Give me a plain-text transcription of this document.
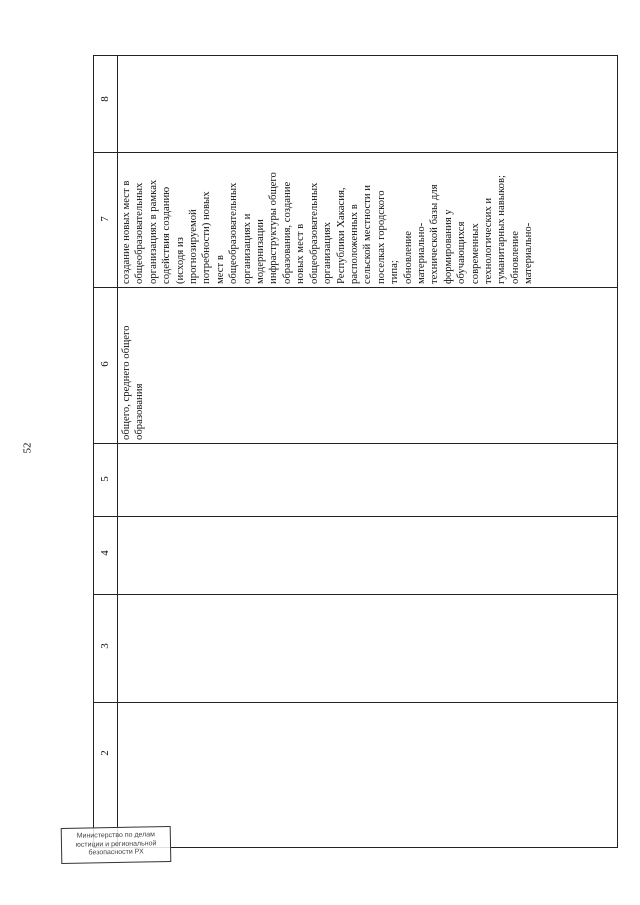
52
8
7
6
5
4
3
2
создание новых мест в общеобразовательных организациях в рамках содействия созданию (исходя из прогнозируемой потребности) новых мест в общеобразовательных организациях и модернизации инфраструктуры общего образования, создание новых мест в общеобразовательных организациях Республики Хакасия, расположенных в сельской местности и поселках городского типа; обновление материально- технической базы для формирования у обучающихся современных технологических и гуманитарных навыков; обновление материально-
общего, среднего общего образования
Министерство по делам
юстиции и региональной
безопасности РХ
